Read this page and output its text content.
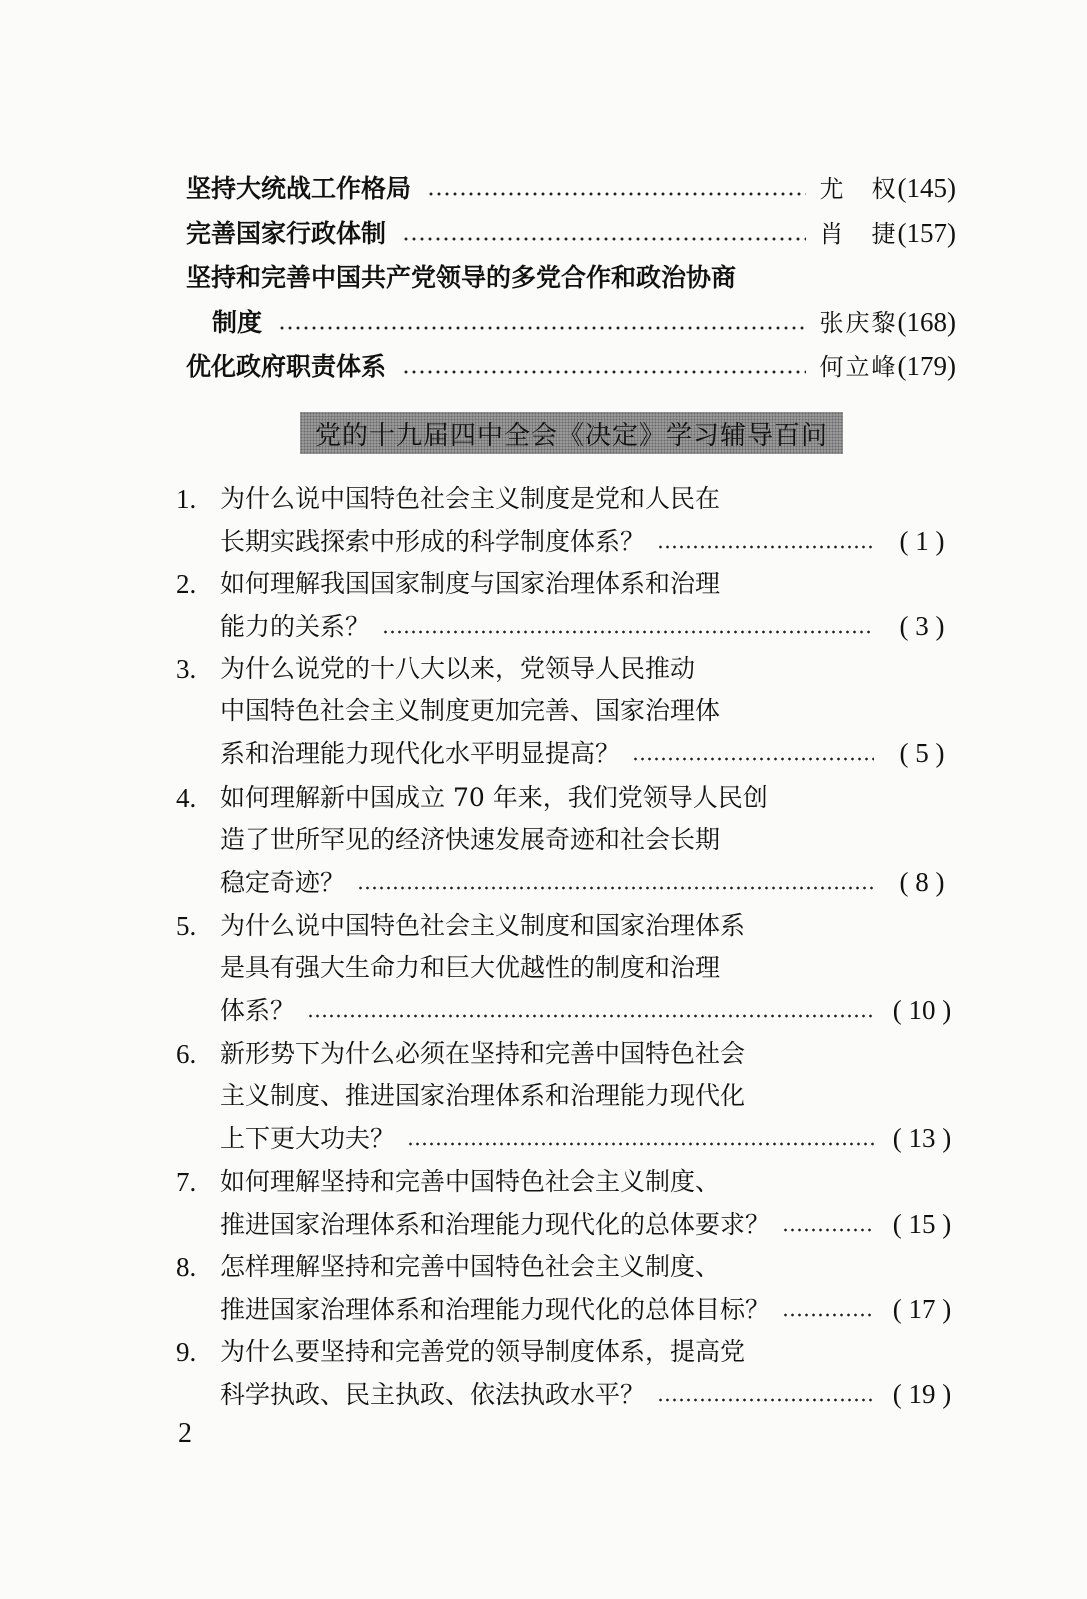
坚持大统战工作格局	尤　权 (145)
完善国家行政体制	肖　捷 (157)
坚持和完善中国共产党领导的多党合作和政治协商
制度	张庆黎 (168)
优化政府职责体系	何立峰 (179)
党的十九届四中全会《决定》学习辅导百问
1. 为什么说中国特色社会主义制度是党和人民在
长期实践探索中形成的科学制度体系？	( 1 )
2. 如何理解我国国家制度与国家治理体系和治理
能力的关系？	( 3 )
3. 为什么说党的十八大以来，党领导人民推动
中国特色社会主义制度更加完善、国家治理体
系和治理能力现代化水平明显提高？	( 5 )
4. 如何理解新中国成立 70 年来，我们党领导人民创
造了世所罕见的经济快速发展奇迹和社会长期
稳定奇迹？	( 8 )
5. 为什么说中国特色社会主义制度和国家治理体系
是具有强大生命力和巨大优越性的制度和治理
体系？	( 10 )
6. 新形势下为什么必须在坚持和完善中国特色社会
主义制度、推进国家治理体系和治理能力现代化
上下更大功夫？	( 13 )
7. 如何理解坚持和完善中国特色社会主义制度、
推进国家治理体系和治理能力现代化的总体要求？	( 15 )
8. 怎样理解坚持和完善中国特色社会主义制度、
推进国家治理体系和治理能力现代化的总体目标？	( 17 )
9. 为什么要坚持和完善党的领导制度体系，提高党
科学执政、民主执政、依法执政水平？	( 19 )
2
